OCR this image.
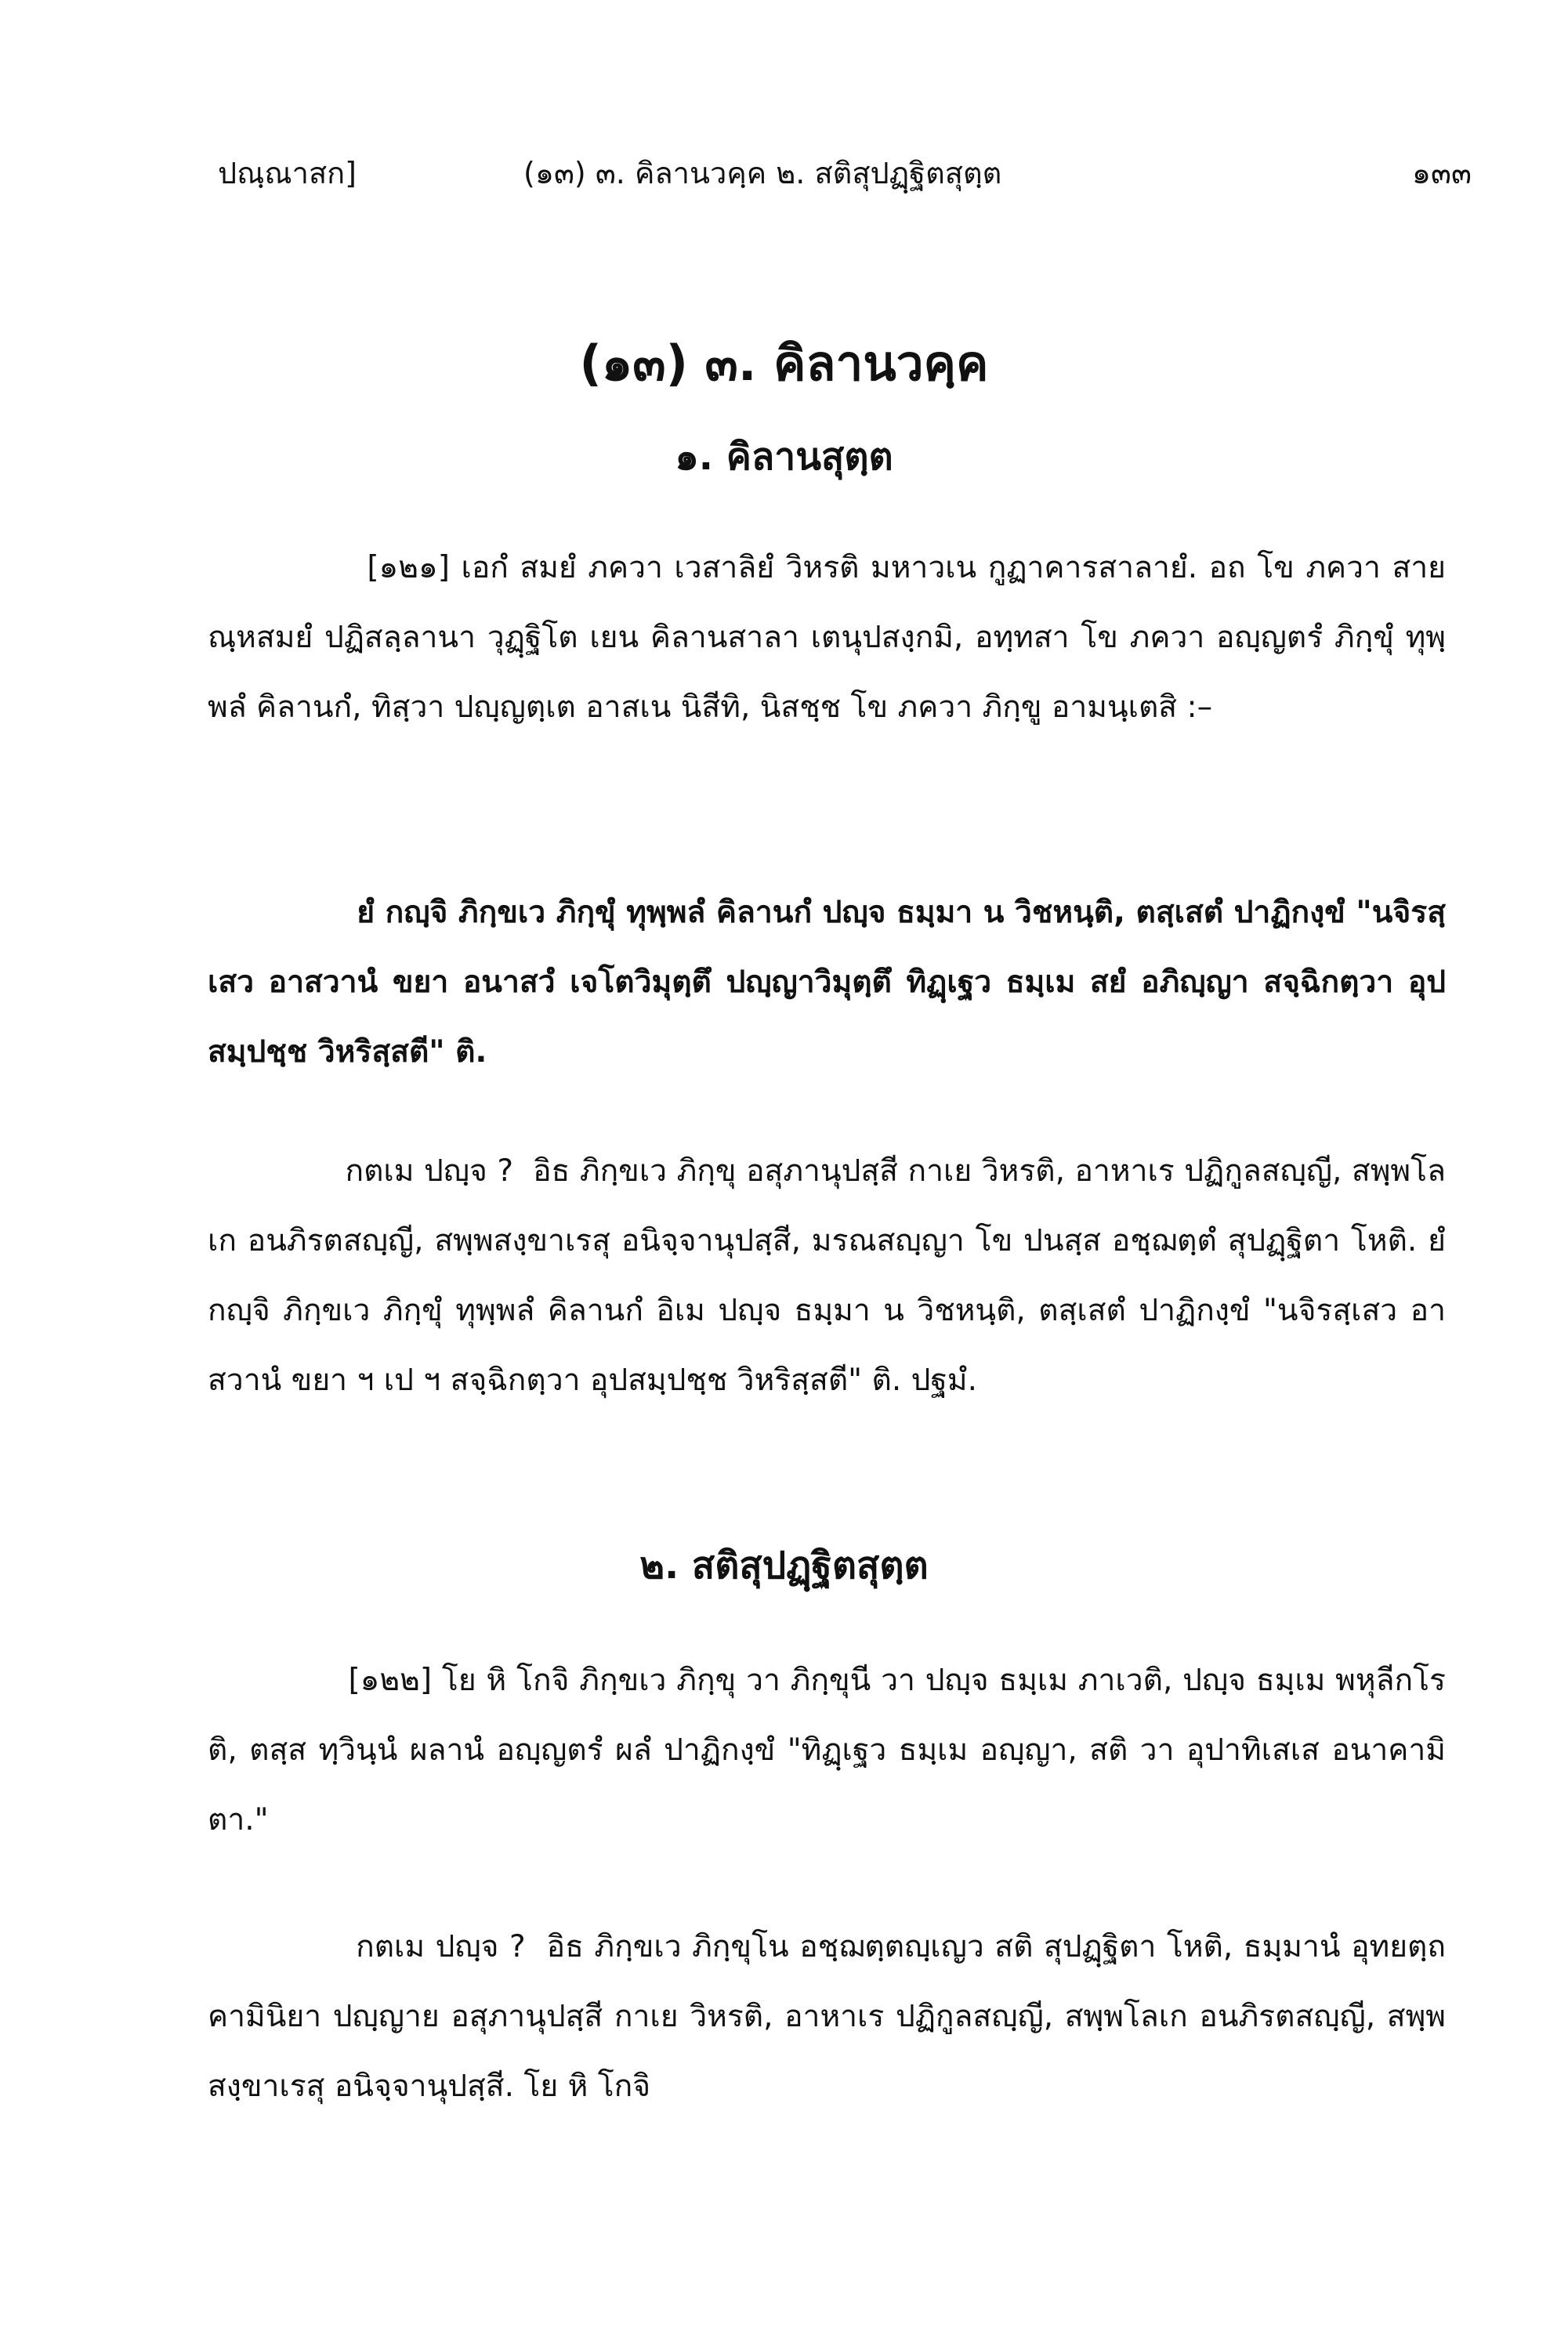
ปณฺณาสก]	(๑๓) ๓. คิลานวคฺค ๒. สติสุปฏฺฐิตสุตฺต	๑๓๓
(๑๓) ๓. คิลานวคฺค
๑. คิลานสุตฺต
[๑๒๑] เอกํ สมยํ ภควา เวสาลิยํ วิหรติ มหาวเน กูฏาคารสาลายํ. อถ โข ภควา สายณฺหสมยํ ปฏิสลฺลานา วุฏฺฐิโต เยน คิลานสาลา เตนุปสงฺกมิ, อทฺทสา โข ภควา อญฺญตรํ ภิกฺขุํ ทุพฺพลํ คิลานกํ, ทิสฺวา ปญฺญตฺเต อาสเน นิสีทิ, นิสชฺช โข ภควา ภิกฺขู อามนฺเตสิ :–
ยํ กญฺจิ ภิกฺขเว ภิกฺขุํ ทุพฺพลํ คิลานกํ ปญฺจ ธมฺมา น วิชหนฺติ, ตสฺเสตํ ปาฏิกงฺขํ "นจิรสฺเสว อาสวานํ ขยา อนาสวํ เจโตวิมุตฺตึ ปญฺญาวิมุตฺตึ ทิฏฺเฐว ธมฺเม สยํ อภิญฺญา สจฺฉิกตฺวา อุปสมฺปชฺช วิหริสฺสตี" ติ.
กตเม ปญฺจ ?  อิธ ภิกฺขเว ภิกฺขุ อสุภานุปสฺสี กาเย วิหรติ, อาหาเร ปฏิกูลสญฺญี, สพฺพโลเก อนภิรตสญฺญี, สพฺพสงฺขาเรสุ อนิจฺจานุปสฺสี, มรณสญฺญา โข ปนสฺส อชฺฌตฺตํ สุปฏฺฐิตา โหติ. ยํ กญฺจิ ภิกฺขเว ภิกฺขุํ ทุพฺพลํ คิลานกํ อิเม ปญฺจ ธมฺมา น วิชหนฺติ, ตสฺเสตํ ปาฏิกงฺขํ "นจิรสฺเสว อาสวานํ ขยา ฯ เป ฯ สจฺฉิกตฺวา อุปสมฺปชฺช วิหริสฺสตี" ติ. ปฐมํ.
๒. สติสุปฏฺฐิตสุตฺต
[๑๒๒] โย หิ โกจิ ภิกฺขเว ภิกฺขุ วา ภิกฺขุนี วา ปญฺจ ธมฺเม ภาเวติ, ปญฺจ ธมฺเม พหุลีกโรติ, ตสฺส ทฺวินฺนํ ผลานํ อญฺญตรํ ผลํ ปาฏิกงฺขํ "ทิฏฺเฐว ธมฺเม อญฺญา, สติ วา อุปาทิเสเส อนาคามิตา."
กตเม ปญฺจ ?  อิธ ภิกฺขเว ภิกฺขุโน อชฺฌตฺตญฺเญว สติ สุปฏฺฐิตา โหติ, ธมฺมานํ อุทยตฺถคามินิยา ปญฺญาย อสุภานุปสฺสี กาเย วิหรติ, อาหาเร ปฏิกูลสญฺญี, สพฺพโลเก อนภิรตสญฺญี, สพฺพสงฺขาเรสุ อนิจฺจานุปสฺสี. โย หิ โกจิ
